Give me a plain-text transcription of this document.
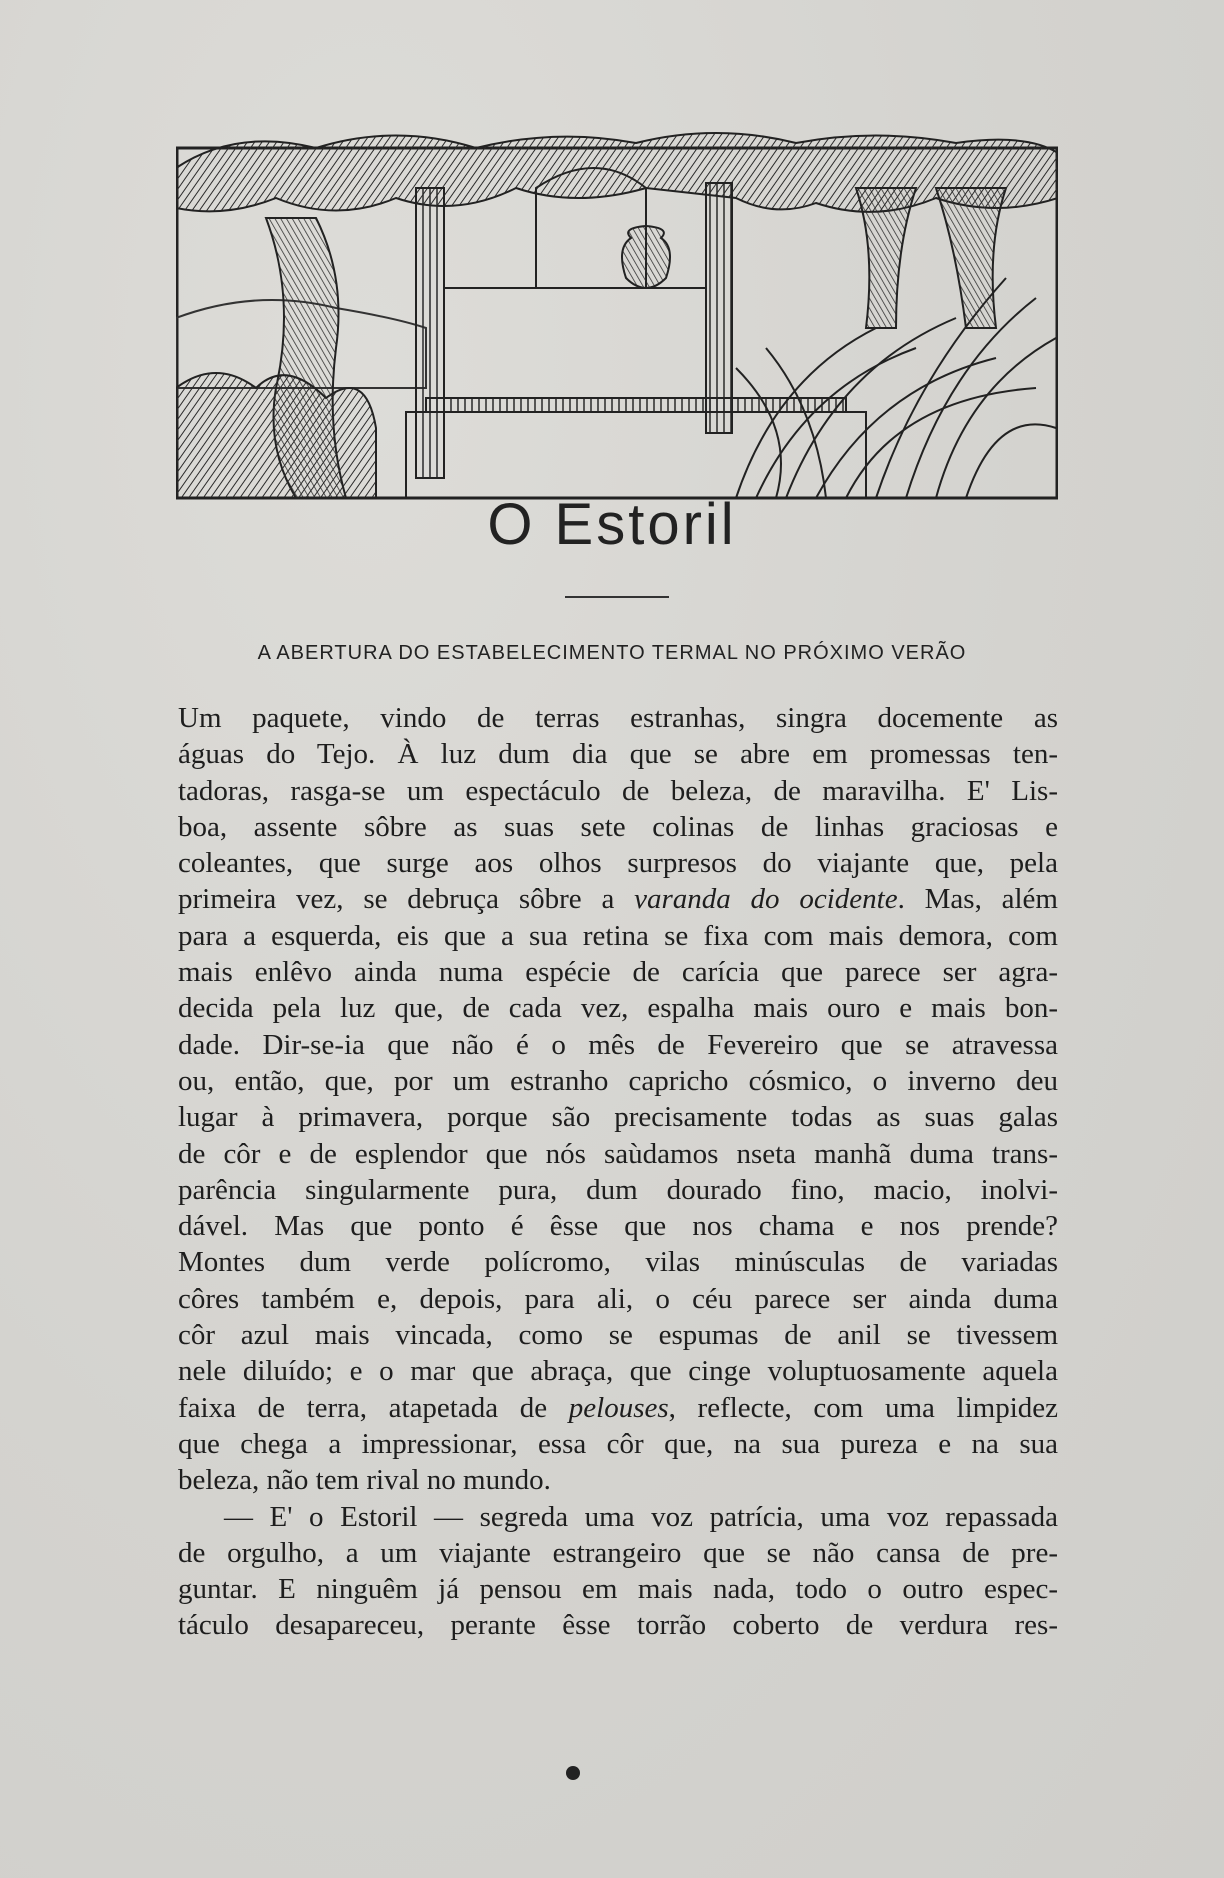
O Estoril
A ABERTURA DO ESTABELECIMENTO TERMAL NO PRÓXIMO VERÃO
Um paquete, vindo de terras estranhas, singra docemente as
águas do Tejo. À luz dum dia que se abre em promessas ten-
tadoras, rasga-se um espectáculo de beleza, de maravilha. E' Lis-
boa, assente sôbre as suas sete colinas de linhas graciosas e
coleantes, que surge aos olhos surpresos do viajante que, pela
primeira vez, se debruça sôbre a varanda do ocidente. Mas, além
para a esquerda, eis que a sua retina se fixa com mais demora, com
mais enlêvo ainda numa espécie de carícia que parece ser agra-
decida pela luz que, de cada vez, espalha mais ouro e mais bon-
dade. Dir-se-ia que não é o mês de Fevereiro que se atravessa
ou, então, que, por um estranho capricho cósmico, o inverno deu
lugar à primavera, porque são precisamente todas as suas galas
de côr e de esplendor que nós saùdamos nseta manhã duma trans-
parência singularmente pura, dum dourado fino, macio, inolvi-
dável. Mas que ponto é êsse que nos chama e nos prende?
Montes dum verde polícromo, vilas minúsculas de variadas
côres também e, depois, para ali, o céu parece ser ainda duma
côr azul mais vincada, como se espumas de anil se tivessem
nele diluído; e o mar que abraça, que cinge voluptuosamente aquela
faixa de terra, atapetada de pelouses, reflecte, com uma limpidez
que chega a impressionar, essa côr que, na sua pureza e na sua
beleza, não tem rival no mundo.
— E' o Estoril — segreda uma voz patrícia, uma voz repassada
de orgulho, a um viajante estrangeiro que se não cansa de pre-
guntar. E ninguêm já pensou em mais nada, todo o outro espec-
táculo desapareceu, perante êsse torrão coberto de verdura res-
